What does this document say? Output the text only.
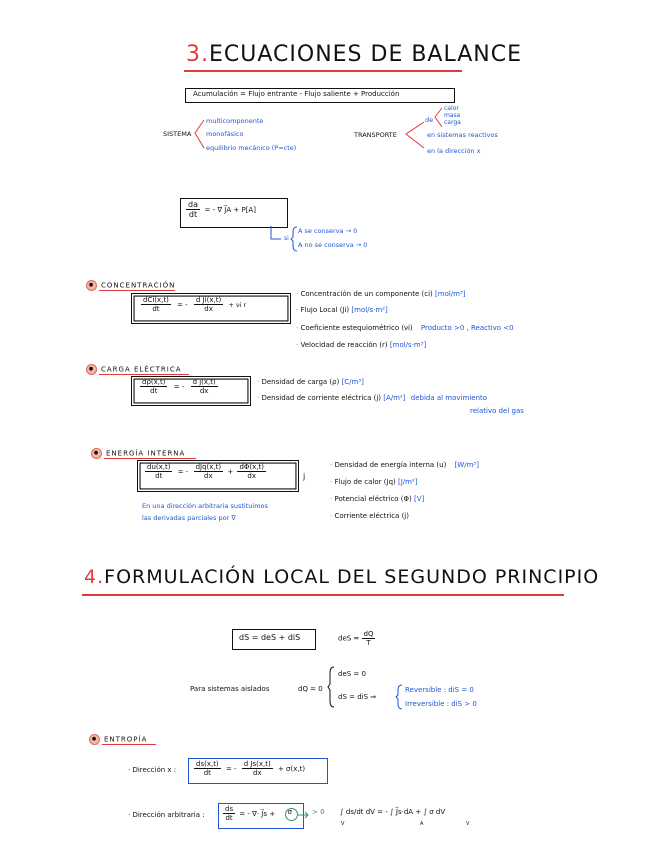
3.ECUACIONES DE BALANCE
Acumulación = Flujo entrante - Flujo saliente + Producción
SISTEMA
multicomponente
monofásico
equilibrio mecánico (P=cte)
TRANSPORTE
de
calor
masa
carga
en sistemas reactivos
en la dirección x
$\frac{da}{dt}$ = - ∇⃗ J⃗A + P[A]
si
A se conserva → 0
A no se conserva → 0
● CONCENTRACIÓN
$\frac{\text{dCi(x,t)}}{dt}$ = - $\frac{\text{d Ji(x,t)}}{dx} + \nu i$ r
· Concentración de un componente (ci) [mol/m³]
· Flujo Local (Ji) [mol/s·m²]
· Coeficiente estequiométrico (νi) Producto >0 , Reactivo <0
· Velocidad de reacción (r) [mol/s·m³]
● CARGA ELÉCTRICA
$\frac{d\rho(x,t)}{dt}$ = - $\frac{\text{d j(x,t)}}{dx}$	· Densidad de carga (ρ) [C/m³]
· Densidad de corriente eléctrica (j) [A/m²] debida al movimiento
relativo del gas
● ENERGÍA INTERNA
$\frac{du(x,t)}{dt}$ = - $\frac{\text{dJq(x,t)}}{dx} + \frac{d\Phi(x,t)}{dx}$	j
En una dirección arbitraria sustituimos
las derivadas parciales por ∇
· Densidad de energía interna (u) [W/m³]
· Flujo de calor (Jq) [J/m²]
· Potencial eléctrico (Φ) [V]
· Corriente eléctrica (j)
4.FORMULACIÓN LOCAL DEL SEGUNDO PRINCIPIO
dS = deS + diS	deS = $\frac{dQ}{T}$
Para sistemas aislados	dQ = 0
deS = 0
dS = diS ⇒
Reversible : diS = 0
Irreversible : diS > 0
● ENTROPÍA
· Dirección x :	$\frac{ds(x,t)}{dt}$ = - $\frac{\text{d Js(x,t)}}{dx} + \sigma(x,t)$
· Dirección arbitraria :	$\frac{ds}{dt}$ = - ∇· J⃗s + σ	> 0 ∫ ds/dt dV = - ∫ J⃗s·dA + ∫ σ dV
V	A	V
